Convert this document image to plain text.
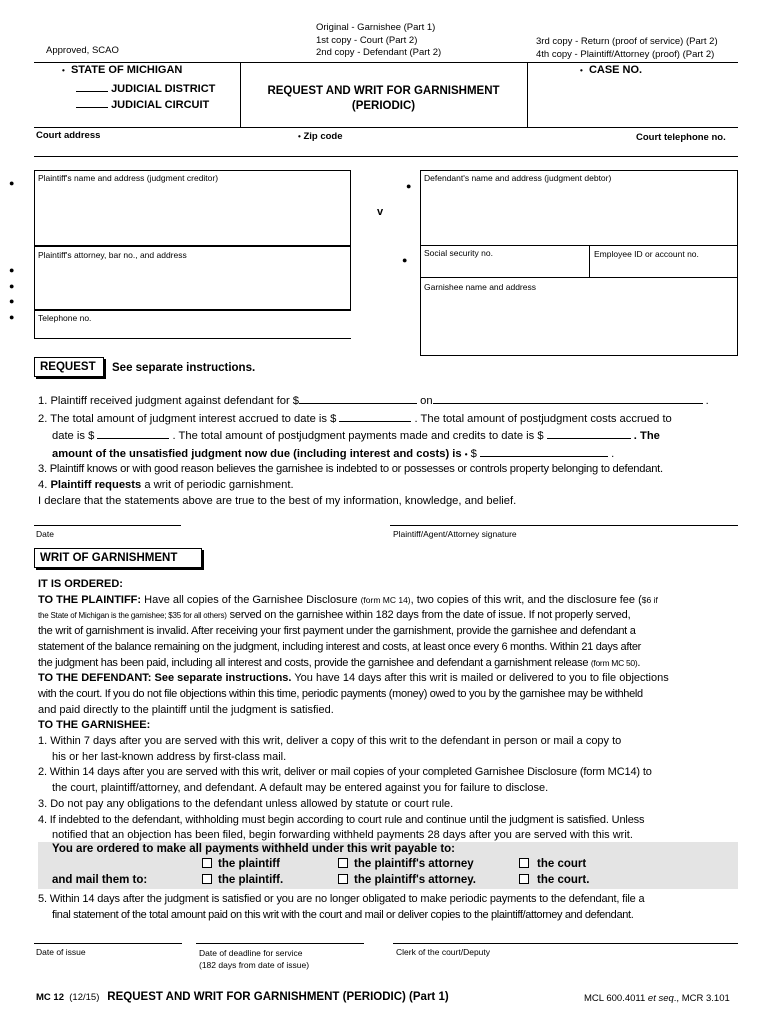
Approved, SCAO
Original - Garnishee (Part 1)
1st copy - Court (Part 2)
2nd copy - Defendant (Part 2)
3rd copy - Return (proof of service) (Part 2)
4th copy - Plaintiff/Attorney (proof) (Part 2)
• STATE OF MICHIGAN
JUDICIAL DISTRICT
JUDICIAL CIRCUIT
REQUEST AND WRIT FOR GARNISHMENT
(PERIODIC)
• CASE NO.
Court address	• Zip code	Court telephone no.
Plaintiff's name and address (judgment creditor)
●
Plaintiff's attorney, bar no., and address
●
●
●
Telephone no.
●
v
Defendant's name and address (judgment debtor)
●
Social security no.
●
Employee ID or account no.
Garnishee name and address
REQUEST See separate instructions.

1. Plaintiff received judgment against defendant for $	on	.

2. The total amount of judgment interest accrued to date is $	. The total amount of postjudgment costs accrued to

date is $	. The total amount of postjudgment payments made and credits to date is $	. The

amount of the unsatisfied judgment now due (including interest and costs) is • $	.

3. Plaintiff knows or with good reason believes the garnishee is indebted to or possesses or controls property belonging to defendant.

4. Plaintiff requests a writ of periodic garnishment.

I declare that the statements above are true to the best of my information, knowledge, and belief.

Date	Plaintiff/Agent/Attorney signature
WRIT OF GARNISHMENT

IT IS ORDERED:

TO THE PLAINTIFF: Have all copies of the Garnishee Disclosure (form MC 14), two copies of this writ, and the disclosure fee ($6 if

the State of Michigan is the garnishee; $35 for all others) served on the garnishee within 182 days from the date of issue. If not properly served,

the writ of garnishment is invalid. After receiving your first payment under the garnishment, provide the garnishee and defendant a

statement of the balance remaining on the judgment, including interest and costs, at least once every 6 months. Within 21 days after

the judgment has been paid, including all interest and costs, provide the garnishee and defendant a garnishment release (form MC 50).

TO THE DEFENDANT: See separate instructions. You have 14 days after this writ is mailed or delivered to you to file objections

with the court. If you do not file objections within this time, periodic payments (money) owed to you by the garnishee may be withheld

and paid directly to the plaintiff until the judgment is satisfied.

TO THE GARNISHEE:

1. Within 7 days after you are served with this writ, deliver a copy of this writ to the defendant in person or mail a copy to

his or her last-known address by first-class mail.

2. Within 14 days after you are served with this writ, deliver or mail copies of your completed Garnishee Disclosure (form MC14) to

the court, plaintiff/attorney, and defendant. A default may be entered against you for failure to disclose.

3. Do not pay any obligations to the defendant unless allowed by statute or court rule.

4. If indebted to the defendant, withholding must begin according to court rule and continue until the judgment is satisfied. Unless

notified that an objection has been filed, begin forwarding withheld payments 28 days after you are served with this writ.

You are ordered to make all payments withheld under this writ payable to:
the plaintiff	the plaintiff's attorney	the court
and mail them to:	the plaintiff.	the plaintiff's attorney.	the court.

5. Within 14 days after the judgment is satisfied or you are no longer obligated to make periodic payments to the defendant, file a

final statement of the total amount paid on this writ with the court and mail or deliver copies to the plaintiff/attorney and defendant.

Date of issue	Date of deadline for service
(182 days from date of issue)
Clerk of the court/Deputy
MC 12 (12/15) REQUEST AND WRIT FOR GARNISHMENT (PERIODIC) (Part 1)	MCL 600.4011 et seq., MCR 3.101
